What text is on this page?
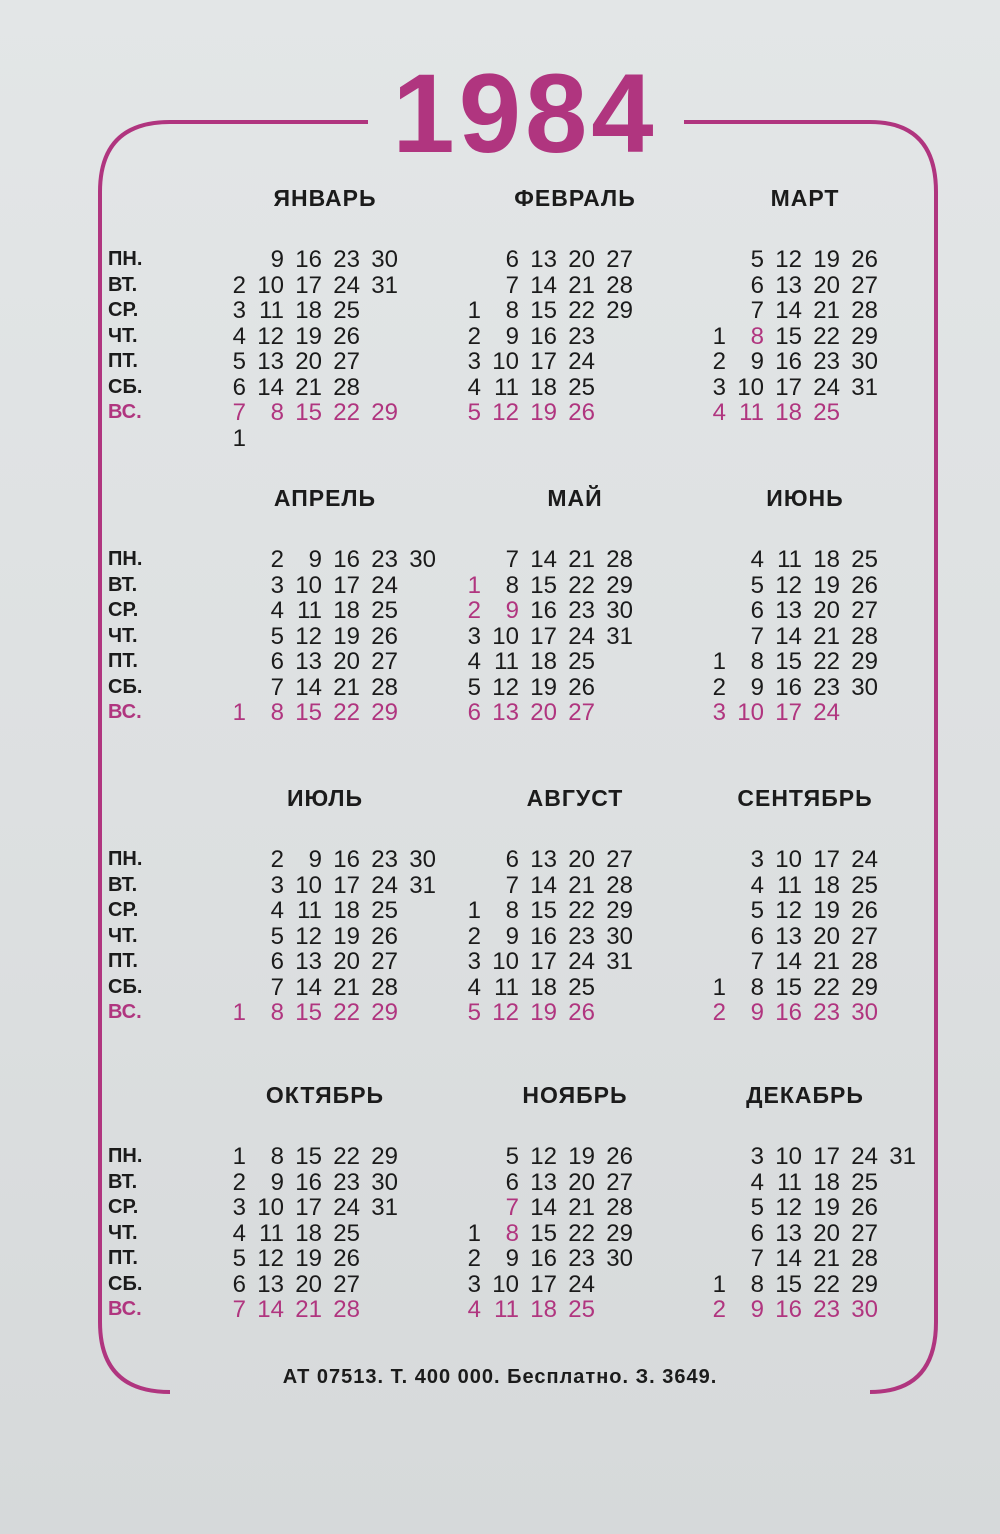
1984
АТ 07513. Т. 400 000. Бесплатно. З. 3649.
ЯНВАРЬ
2
3
4
5
6
7
1
9
10
11
12
13
14
8
16
17
18
19
20
21
15
23
24
25
26
27
28
22
30
31
29
ПН.
ВТ.
СР.
ЧТ.
ПТ.
СБ.
ВС.
ФЕВРАЛЬ
1
2
3
4
5
6
7
8
9
10
11
12
13
14
15
16
17
18
19
20
21
22
23
24
25
26
27
28
29
МАРТ
1
2
3
4
5
6
7
8
9
10
11
12
13
14
15
16
17
18
19
20
21
22
23
24
25
26
27
28
29
30
31
АПРЕЛЬ
1
2
3
4
5
6
7
8
9
10
11
12
13
14
15
16
17
18
19
20
21
22
23
24
25
26
27
28
29
30
ПН.
ВТ.
СР.
ЧТ.
ПТ.
СБ.
ВС.
МАЙ
1
2
3
4
5
6
7
8
9
10
11
12
13
14
15
16
17
18
19
20
21
22
23
24
25
26
27
28
29
30
31
ИЮНЬ
1
2
3
4
5
6
7
8
9
10
11
12
13
14
15
16
17
18
19
20
21
22
23
24
25
26
27
28
29
30
ИЮЛЬ
1
2
3
4
5
6
7
8
9
10
11
12
13
14
15
16
17
18
19
20
21
22
23
24
25
26
27
28
29
30
31
ПН.
ВТ.
СР.
ЧТ.
ПТ.
СБ.
ВС.
АВГУСТ
1
2
3
4
5
6
7
8
9
10
11
12
13
14
15
16
17
18
19
20
21
22
23
24
25
26
27
28
29
30
31
СЕНТЯБРЬ
1
2
3
4
5
6
7
8
9
10
11
12
13
14
15
16
17
18
19
20
21
22
23
24
25
26
27
28
29
30
ОКТЯБРЬ
1
2
3
4
5
6
7
8
9
10
11
12
13
14
15
16
17
18
19
20
21
22
23
24
25
26
27
28
29
30
31
ПН.
ВТ.
СР.
ЧТ.
ПТ.
СБ.
ВС.
НОЯБРЬ
1
2
3
4
5
6
7
8
9
10
11
12
13
14
15
16
17
18
19
20
21
22
23
24
25
26
27
28
29
30
ДЕКАБРЬ
1
2
3
4
5
6
7
8
9
10
11
12
13
14
15
16
17
18
19
20
21
22
23
24
25
26
27
28
29
30
31
